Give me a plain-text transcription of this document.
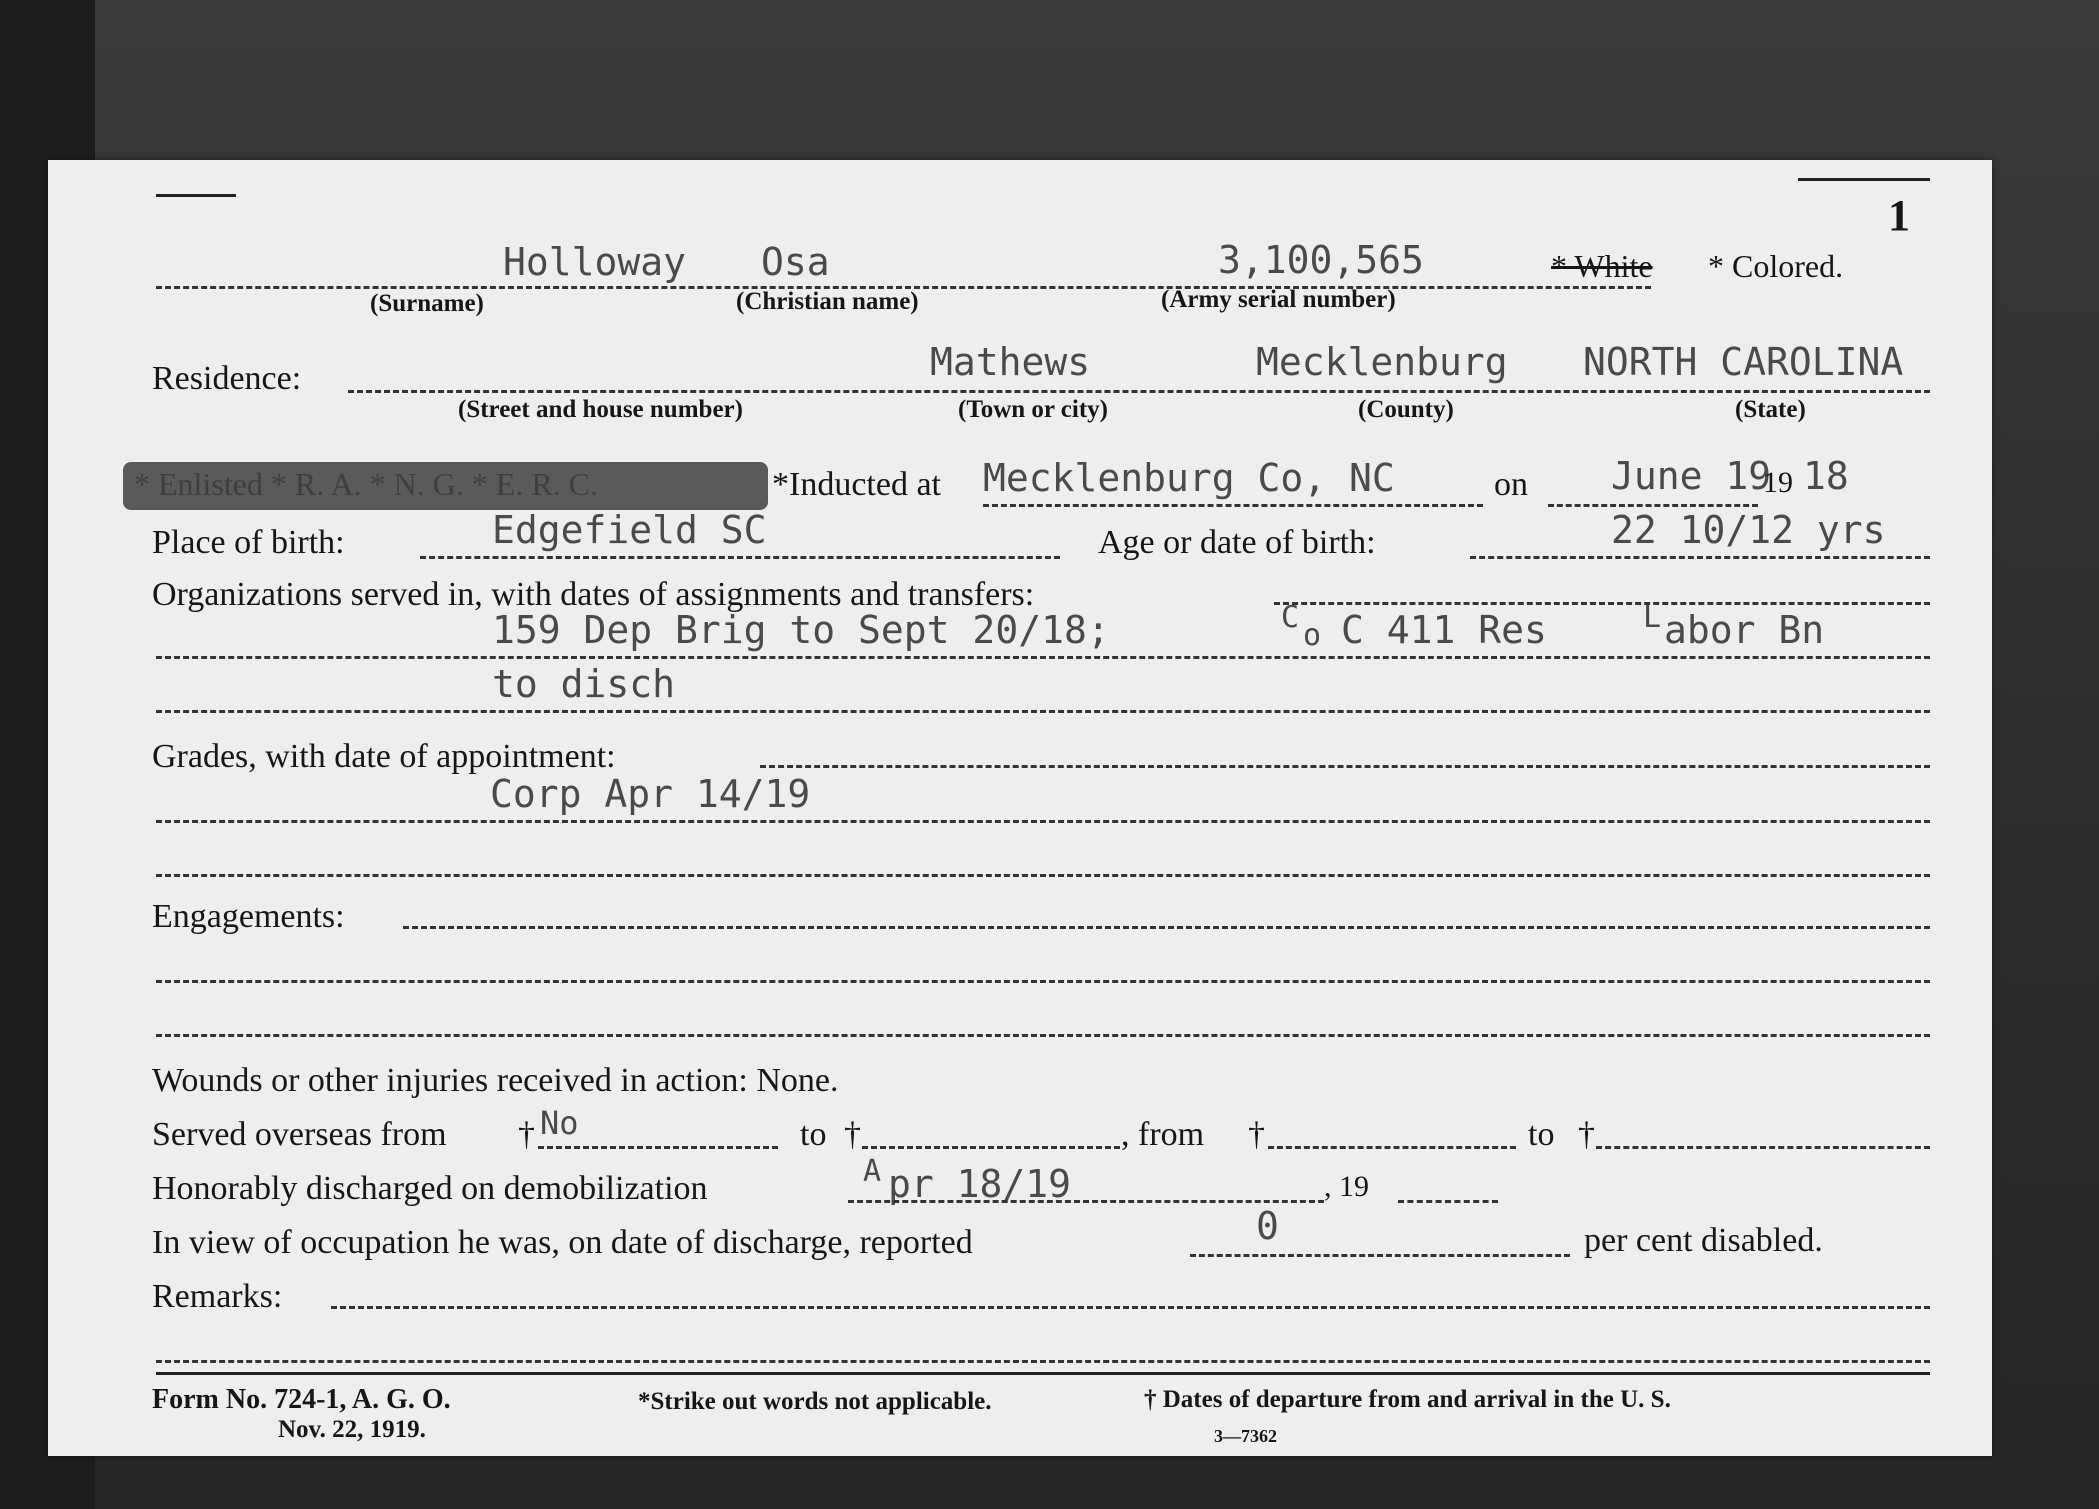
1
Holloway Osa	3,100,565	* White * Colored.
(Surname)	(Christian name)	(Army serial number)
Residence:	Mathews	Mecklenburg NORTH CAROLINA
(Street and house number)	(Town or city)	(County)	(State)
* Enlisted * R. A. * N. G. * E. R. C.	*Inducted at Mecklenburg Co, NC	on June 19
19 18
Place of birth:	Edgefield SC	Age or date of birth:	22 10/12 yrs
Organizations served in, with dates of assignments and transfers:
159 Dep Brig to Sept 20/18;	C
o C 411 Res	L abor Bn
to disch
Grades, with date of appointment:
Corp Apr 14/19
Engagements:
Wounds or other injuries received in action: None.
Served overseas from † No	to †	, from †	to †
Honorably discharged on demobilization	A pr 18/19	, 19
In view of occupation he was, on date of discharge, reported	0	per cent disabled.
Remarks:
Form No. 724-1, A. G. O.
Nov. 22, 1919.
*Strike out words not applicable.	† Dates of departure from and arrival in the U. S.
3—7362
